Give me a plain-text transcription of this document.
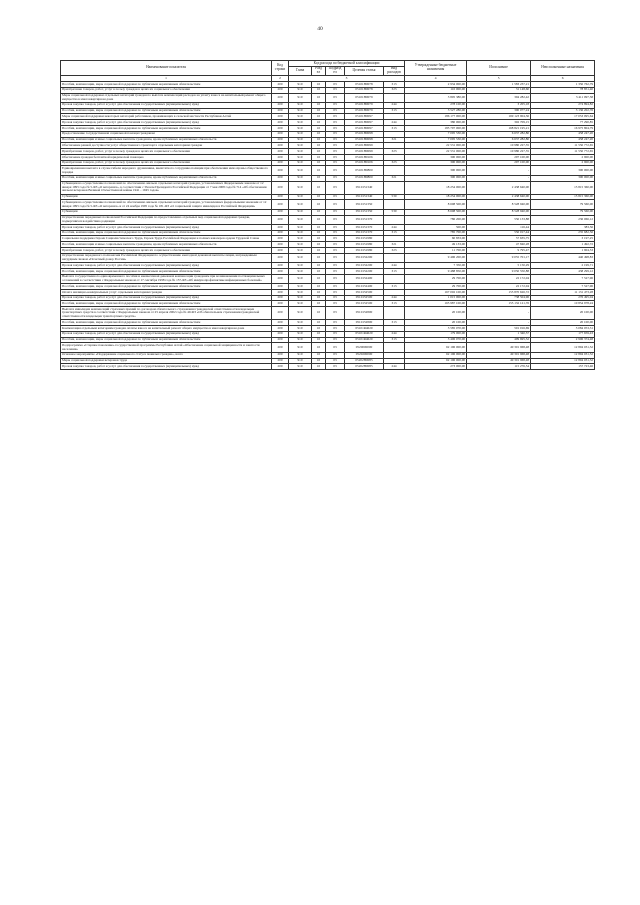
40
Наименование показателя	Код строки	Код расхода по бюджетной классификации					Утвержденные бюджетные назначения	Исполнение	Неисполненные назначения
		Глава	Разд ел	Подразд ел	Целевая статья	Вид расходов			
1	2	3					4	5	6
Пособия, компенсации, меры социальной поддержки по публичным нормативным обязательствам	200	910	10	03	05101Н0078	313	2 934 000,00	1 583 237,21	1 350 762,79
Приобретение товаров, работ, услуг в пользу граждан в целях их социального обеспечения	200	910	10	03	05101Н0078	323	110 000,00	31 148,60	78 851,40
Меры социальной поддержки отдельных категорий граждан по выплате компенсаций расходов на уплату взноса на капитальный ремонт общего имущества в многоквартирном доме	200	910	10	03	05101Н0079		3 805 380,00	394 282,42	3 411 097,58
Прочая закупка товаров, работ и услуг для обеспечения государственных (муниципальных) нужд	200	910	10	03	05101Н0079	244	278 100,00	3 205,18	274 894,82
Пособия, компенсации, меры социальной поддержки по публичным нормативным обязательствам	200	910	10	03	05101Н0079	313	3 527 280,00	390 077,24	3 136 202,76
Меры социальной поддержки некоторых категорий работников, проживающих в сельской местности Республики Алтай	200	910	10	03	05101Н0097		186 177 000,00	169 123 904,36	17 053 095,64
Прочая закупка товаров, работ и услуг для обеспечения государственных (муниципальных) нужд	200	910	10	03	05101Н0097	244	380 000,00	302 709,15	77 290,85
Пособия, компенсации, меры социальной поддержки по публичным нормативным обязательствам	200	910	10	03	05101Н0097	313	185 797 000,00	168 821 195,21	16 975 804,79
Предоставление государственной социальной помощи гражданам	200	910	10	03	05101Н0098		7 095 530,00	6 637 282,80	458 247,20
Пособия, компенсации и иные социальные выплаты гражданам, кроме публичных нормативных обязательств	200	910	10	03	05101Н0098	321	7 095 530,00	6 637 282,80	458 247,20
Обеспечение равной доступности услуг общественного транспорта отдельным категориям граждан	200	910	10	03	05101Н0099		22 531 000,00	10 980 227,35	11 550 772,65
Приобретение товаров, работ, услуг в пользу граждан в целях их социального обеспечения	200	910	10	03	05101Н0099	323	22 531 000,00	10 980 227,35	11 550 772,65
Обеспечение граждан бесплатной юридической помощью	200	910	10	03	05101Н0106		300 000,00	297 100,00	2 900,00
Приобретение товаров, работ, услуг в пользу граждан в целях их социального обеспечения	200	910	10	03	05101Н0106	323	300 000,00	297 100,00	2 900,00
Единовременная выплата в случае гибели народного дружинника, внештатного сотрудника полиции при обеспечении ими охраны общественного порядка	200	910	10	03	05101Н0800		300 000,00	-	300 000,00
Пособия, компенсации и иные социальные выплаты гражданам, кроме публичных нормативных обязательств	200	910	10	03	05101Н0800	321	300 000,00	-	300 000,00
Субвенции на осуществление полномочий по обеспечению жильем отдельных категорий граждан, установленных Федеральным законом от 12 января 1995 года № 5-ФЗ «О ветеранах», в соответствии с Указом Президента Российской Федерации от 7 мая 2008 года № 714 «Об обеспечении жильем ветеранов Великой Отечественной войны 1941 - 1945 годов»	200	910	10	03	0510151340		18 254 000,00	2 438 640,00	15 815 360,00
Субвенции	200	910	10	03	0510151340	530	18 254 000,00	2 438 640,00	15 815 360,00
Субвенции на осуществление полномочий по обеспечению жильем отдельных категорий граждан, установленных федеральными законами от 12 января 1995 года № 5-ФЗ «О ветеранах» и от 24 ноября 1995 года № 181-ФЗ «О социальной защите инвалидов в Российской Федерации»	200	910	10	03	0510151350		8 608 500,00	8 528 940,00	79 560,00
Субвенции	200	910	10	03	0510151350	530	8 608 500,00	8 528 940,00	79 560,00
Осуществление переданных полномочий Российской Федерации по предоставлению отдельных мер социальной поддержки граждан, подвергшихся воздействию радиации	200	910	10	03	0510151370		786 200,00	550 133,88	236 066,12
Прочая закупка товаров, работ и услуг для обеспечения государственных (муниципальных) нужд	200	910	10	03	0510151370	244	500,00	116,44	383,56
Пособия, компенсации, меры социальной поддержки по публичным нормативным обязательствам	200	910	10	03	0510151370	313	785 700,00	550 017,44	235 682,56
Социальная поддержка Героев Социалистического Труда, Героев Труда Российской Федерации и полных кавалеров ордена Трудовой Славы	200	910	10	03	0510151980		60 833,00	57 635,75	3 197,25
Пособия, компенсации и иные социальные выплаты гражданам, кроме публичных нормативных обязательств	200	910	10	03	0510151980	321	49 133,00	47 840,28	1 492,72
Приобретение товаров, работ, услуг в пользу граждан в целях их социального обеспечения	200	910	10	03	0510151980	323	11 700,00	9 795,47	1 904,53
Осуществление переданного полномочия Российской Федерации по осуществлению ежегодной денежной выплаты лицам, награжденным нагрудным знаком «Почетный донор России»	200	910	10	03	0510152200		9 496 200,00	9 055 701,17	440 498,83
Прочая закупка товаров, работ и услуг для обеспечения государственных (муниципальных) нужд	200	910	10	03	0510152200	244	7 350,00	5 150,29	2 199,71
Пособия, компенсации, меры социальной поддержки по публичным нормативным обязательствам	200	910	10	03	0510152200	313	9 488 850,00	9 050 550,88	438 299,12
Выплата государственного единовременного пособия и ежемесячной денежной компенсации гражданам при возникновении поствакцинальных осложнений в соответствии с Федеральным законом от 17 сентября 1998 года № 157-ФЗ «Об иммунопрофилактике инфекционных болезней»	200	910	10	03	0510152400		29 700,00	22 172,04	7 527,96
Пособия, компенсации, меры социальной поддержки по публичным нормативным обязательствам	200	910	10	03	0510152400	313	29 700,00	22 172,04	7 527,96
Оплата жилищно-коммунальных услуг отдельным категориям граждан	200	910	10	03	0510152500		167 002 100,00	155 870 626,72	11 131 473,28
Прочая закупка товаров, работ и услуг для обеспечения государственных (муниципальных) нужд	200	910	10	03	0510152500	244	1 015 000,00	738 504,96	276 495,04
Пособия, компенсации, меры социальной поддержки по публичным нормативным обязательствам	200	910	10	03	0510152500	313	165 987 100,00	155 132 121,76	10 854 978,24
Выплата инвалидам компенсаций страховых премий по договорам обязательного страхования гражданской ответственности владельцев транспортных средств в соответствии с Федеральным законом от 25 апреля 2002 года № 40-ФЗ «Об обязательном страховании гражданской ответственности владельцев транспортных средств»	200	910	10	03	0510152800		20 100,00	-	20 100,00
Пособия, компенсации, меры социальной поддержки по публичным нормативным обязательствам	200	910	10	03	0510152800	313	20 100,00	-	20 100,00
Компенсация отдельным категориям граждан оплаты взноса на капитальный ремонт общего имущества в многоквартирном доме	200	910	10	03	05101R4620		3 585 070,00	501 016,69	3 084 053,31
Прочая закупка товаров, работ и услуг для обеспечения государственных (муниципальных) нужд	200	910	10	03	05101R4620	244	179 000,00	1 340,57	177 659,43
Пособия, компенсации, меры социальной поддержки по публичным нормативным обязательствам	200	910	10	03	05101R4620	313	3 406 070,00	499 695,52	2 906 374,48
Подпрограмма «Старшее поколение» государственной программы Республики Алтай «Обеспечение социальной защищенности и занятости населения»	200	910	10	03	0520000000		62 196 000,00	49 301 968,48	12 894 031,52
Основное мероприятие «Поддержание социального статуса пожилых граждан», всего	200	910	10	03	0520200000		62 196 000,00	49 301 968,48	12 894 031,52
Меры социальной поддержки ветеранов труда	200	910	10	03	05202Н0085		62 196 000,00	49 301 968,48	12 894 031,52
Прочая закупка товаров, работ и услуг для обеспечения государственных (муниципальных) нужд	200	910	10	03	05202Н0085	244	273 000,00	115 276,54	157 723,46
